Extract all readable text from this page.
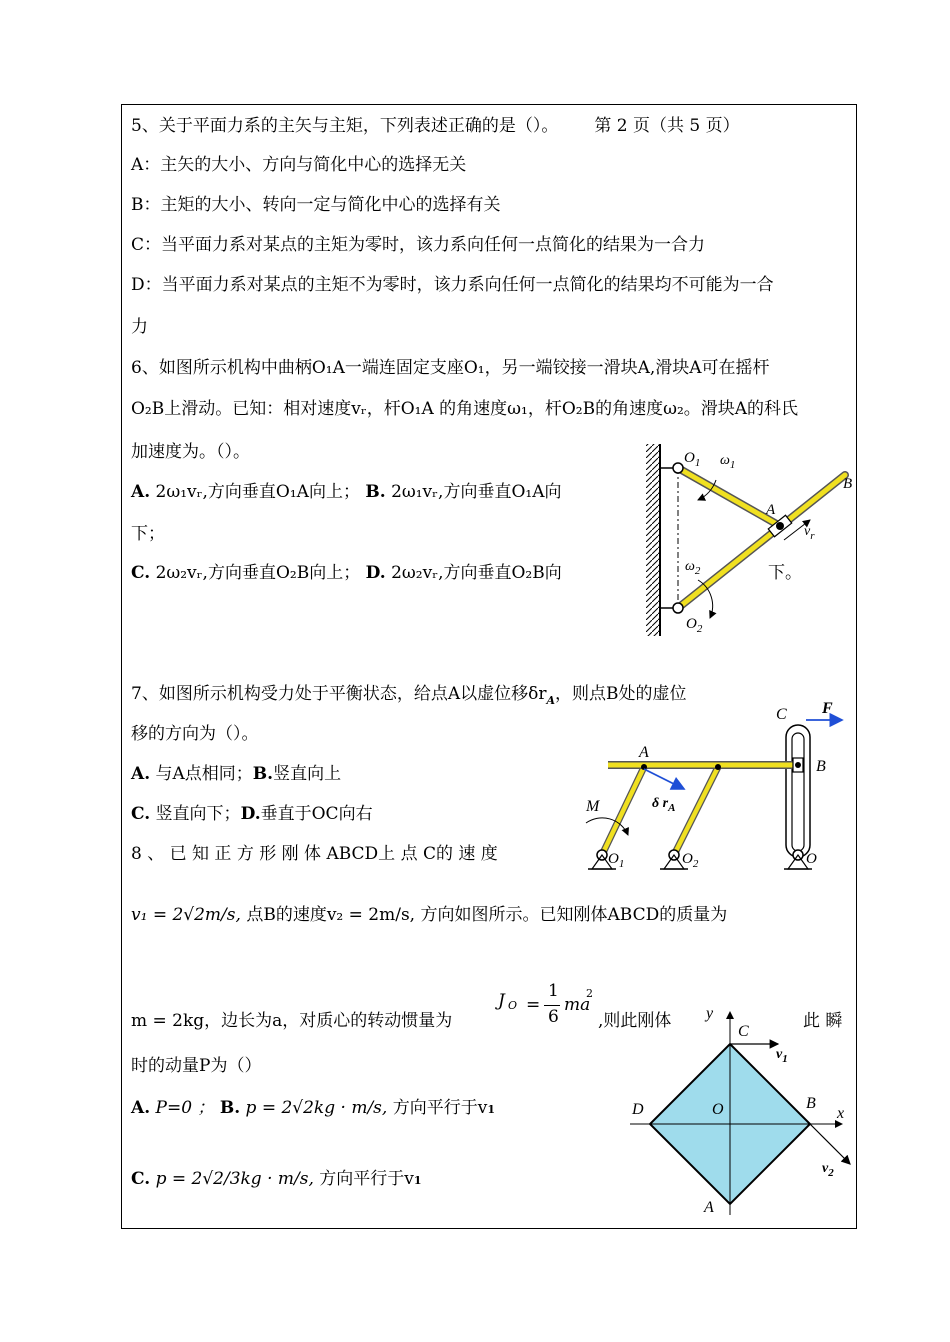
5、关于平面力系的主矢与主矩，下列表述正确的是（）。 第 2 页（共 5 页）
A：主矢的大小、方向与简化中心的选择无关
B：主矩的大小、转向一定与简化中心的选择有关
C：当平面力系对某点的主矩为零时，该力系向任何一点简化的结果为一合力
D：当平面力系对某点的主矩不为零时，该力系向任何一点简化的结果均不可能为一合
力
6、如图所示机构中曲柄O₁A一端连固定支座O₁，另一端铰接一滑块A,滑块A可在摇杆
O₂B上滑动。已知：相对速度vᵣ，杆O₁A 的角速度ω₁，杆O₂B的角速度ω₂。滑块A的科氏
加速度为。（）。
A. 2ω₁vᵣ,方向垂直O₁A向上； B. 2ω₁vᵣ,方向垂直O₁A向
下；
C. 2ω₂vᵣ,方向垂直O₂B向上； D. 2ω₂vᵣ,方向垂直O₂B向	下。
$O_1$
$O_2$
A
B
$\omega_1$
$\omega_2$
$v_r$
7、如图所示机构受力处于平衡状态，给点A以虚位移$\delta r_A$，则点B处的虚位
移的方向为（）。
A. 与A点相同；B.竖直向上
C. 竖直向下；D.垂直于OC向右
C F
A
B
M	δ $r_A$
$O_1$	$O_2$	O
8 、 已 知 正 方 形 刚 体 ABCD上 点 C的 速 度
v₁ = 2√2m/s, 点B的速度v₂ = 2m/s, 方向如图所示。已知刚体ABCD的质量为
m = 2kg，边长为a，对质心的转动惯量为
J O =
1
6
ma
2
,则此刚体	此 瞬
时的动量P为（）
A. P=0 ； B. p = 2√2kg · m/s, 方向平行于v1
C. p = 2√2/3kg · m/s, 方向平行于v1
y
x
C
B
D	O
A
$v_1$
$v_2$
